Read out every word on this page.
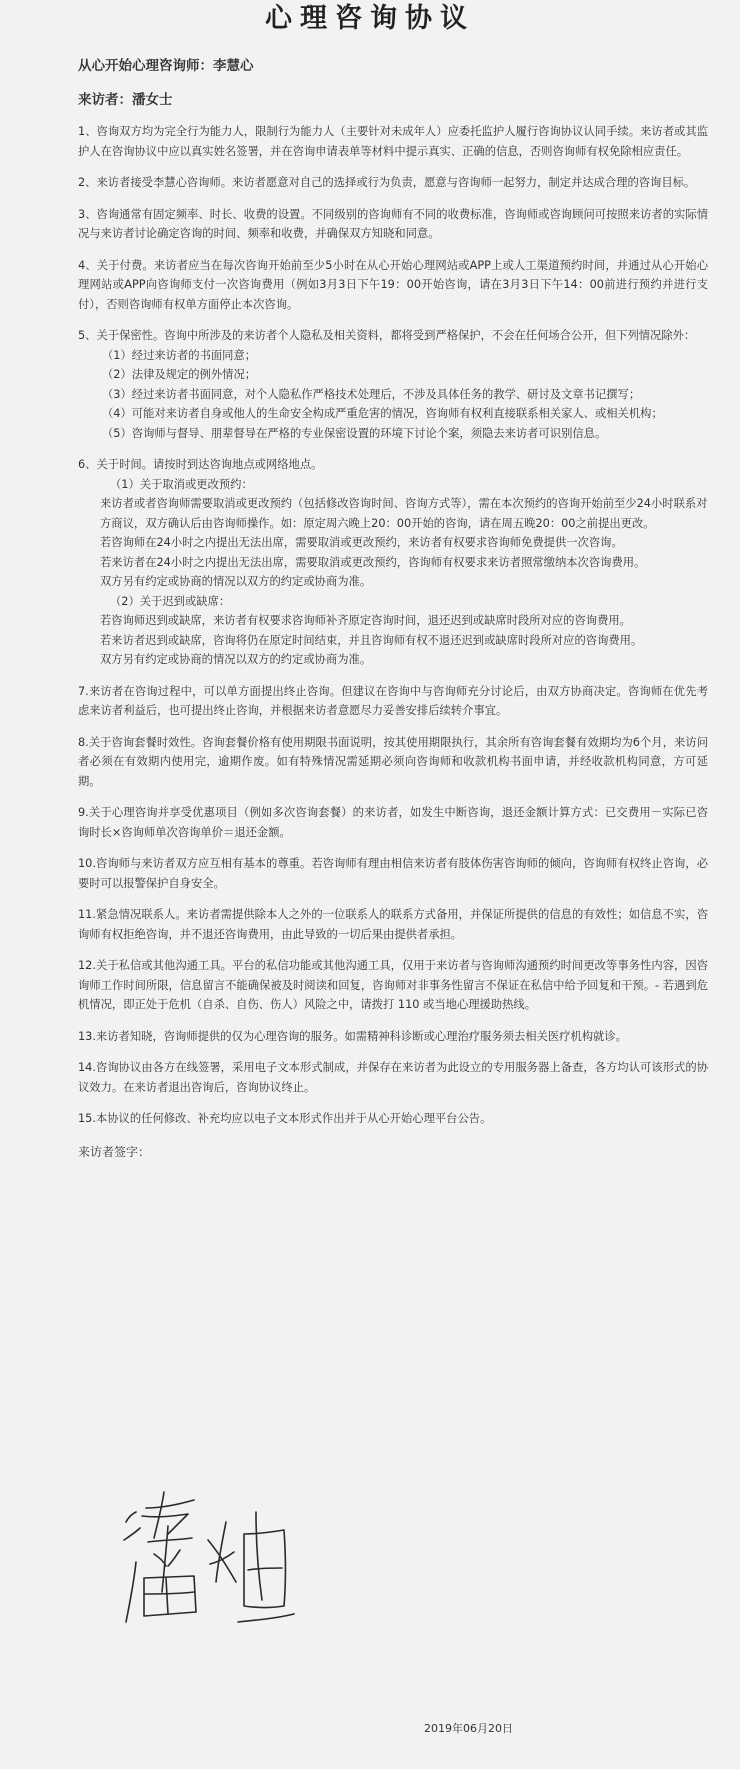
心理咨询协议
从心开始心理咨询师：李慧心
来访者：潘女士

1、咨询双方均为完全行为能力人，限制行为能力人（主要针对未成年人）应委托监护人履行咨询协议认同手续。来访者或其监护人在咨询协议中应以真实姓名签署，并在咨询申请表单等材料中提示真实、正确的信息，否则咨询师有权免除相应责任。

2、来访者接受李慧心咨询师。来访者愿意对自己的选择或行为负责，愿意与咨询师一起努力，制定并达成合理的咨询目标。

3、咨询通常有固定频率、时长、收费的设置。不同级别的咨询师有不同的收费标准，咨询师或咨询顾问可按照来访者的实际情况与来访者讨论确定咨询的时间、频率和收费，并确保双方知晓和同意。

4、关于付费。来访者应当在每次咨询开始前至少5小时在从心开始心理网站或APP上或人工渠道预约时间，并通过从心开始心理网站或APP向咨询师支付一次咨询费用（例如3月3日下午19：00开始咨询，请在3月3日下午14：00前进行预约并进行支付），否则咨询师有权单方面停止本次咨询。

5、关于保密性。咨询中所涉及的来访者个人隐私及相关资料，都将受到严格保护，不会在任何场合公开，但下列情况除外：

（1）经过来访者的书面同意；

（2）法律及规定的例外情况；

（3）经过来访者书面同意，对个人隐私作严格技术处理后，不涉及具体任务的教学、研讨及文章书记撰写；

（4）可能对来访者自身或他人的生命安全构成严重危害的情况，咨询师有权利直接联系相关家人、或相关机构；

（5）咨询师与督导、朋辈督导在严格的专业保密设置的环境下讨论个案，须隐去来访者可识别信息。

6、关于时间。请按时到达咨询地点或网络地点。

（1）关于取消或更改预约：

来访者或者咨询师需要取消或更改预约（包括修改咨询时间、咨询方式等），需在本次预约的咨询开始前至少24小时联系对方商议，双方确认后由咨询师操作。如：原定周六晚上20：00开始的咨询，请在周五晚20：00之前提出更改。

若咨询师在24小时之内提出无法出席，需要取消或更改预约，来访者有权要求咨询师免费提供一次咨询。

若来访者在24小时之内提出无法出席，需要取消或更改预约，咨询师有权要求来访者照常缴纳本次咨询费用。

双方另有约定或协商的情况以双方的约定或协商为准。

（2）关于迟到或缺席：

若咨询师迟到或缺席，来访者有权要求咨询师补齐原定咨询时间，退还迟到或缺席时段所对应的咨询费用。

若来访者迟到或缺席，咨询将仍在原定时间结束，并且咨询师有权不退还迟到或缺席时段所对应的咨询费用。

双方另有约定或协商的情况以双方的约定或协商为准。

7.来访者在咨询过程中，可以单方面提出终止咨询。但建议在咨询中与咨询师充分讨论后，由双方协商决定。咨询师在优先考虑来访者利益后，也可提出终止咨询，并根据来访者意愿尽力妥善安排后续转介事宜。

8.关于咨询套餐时效性。咨询套餐价格有使用期限书面说明，按其使用期限执行，其余所有咨询套餐有效期均为6个月，来访问者必须在有效期内使用完，逾期作废。如有特殊情况需延期必须向咨询师和收款机构书面申请，并经收款机构同意，方可延期。

9.关于心理咨询并享受优惠项目（例如多次咨询套餐）的来访者，如发生中断咨询，退还金额计算方式：已交费用－实际已咨询时长×咨询师单次咨询单价＝退还金额。

10.咨询师与来访者双方应互相有基本的尊重。若咨询师有理由相信来访者有肢体伤害咨询师的倾向，咨询师有权终止咨询，必要时可以报警保护自身安全。

11.紧急情况联系人。来访者需提供除本人之外的一位联系人的联系方式备用，并保证所提供的信息的有效性；如信息不实，咨询师有权拒绝咨询，并不退还咨询费用，由此导致的一切后果由提供者承担。

12.关于私信或其他沟通工具。平台的私信功能或其他沟通工具，仅用于来访者与咨询师沟通预约时间更改等事务性内容，因咨询师工作时间所限，信息留言不能确保被及时阅读和回复，咨询师对非事务性留言不保证在私信中给予回复和干预。- 若遇到危机情况，即正处于危机（自杀、自伤、伤人）风险之中，请拨打 110 或当地心理援助热线。

13.来访者知晓，咨询师提供的仅为心理咨询的服务。如需精神科诊断或心理治疗服务须去相关医疗机构就诊。

14.咨询协议由各方在线签署，采用电子文本形式制成，并保存在来访者为此设立的专用服务器上备查，各方均认可该形式的协议效力。在来访者退出咨询后，咨询协议终止。

15.本协议的任何修改、补充均应以电子文本形式作出并于从心开始心理平台公告。

来访者签字：
2019年06月20日
